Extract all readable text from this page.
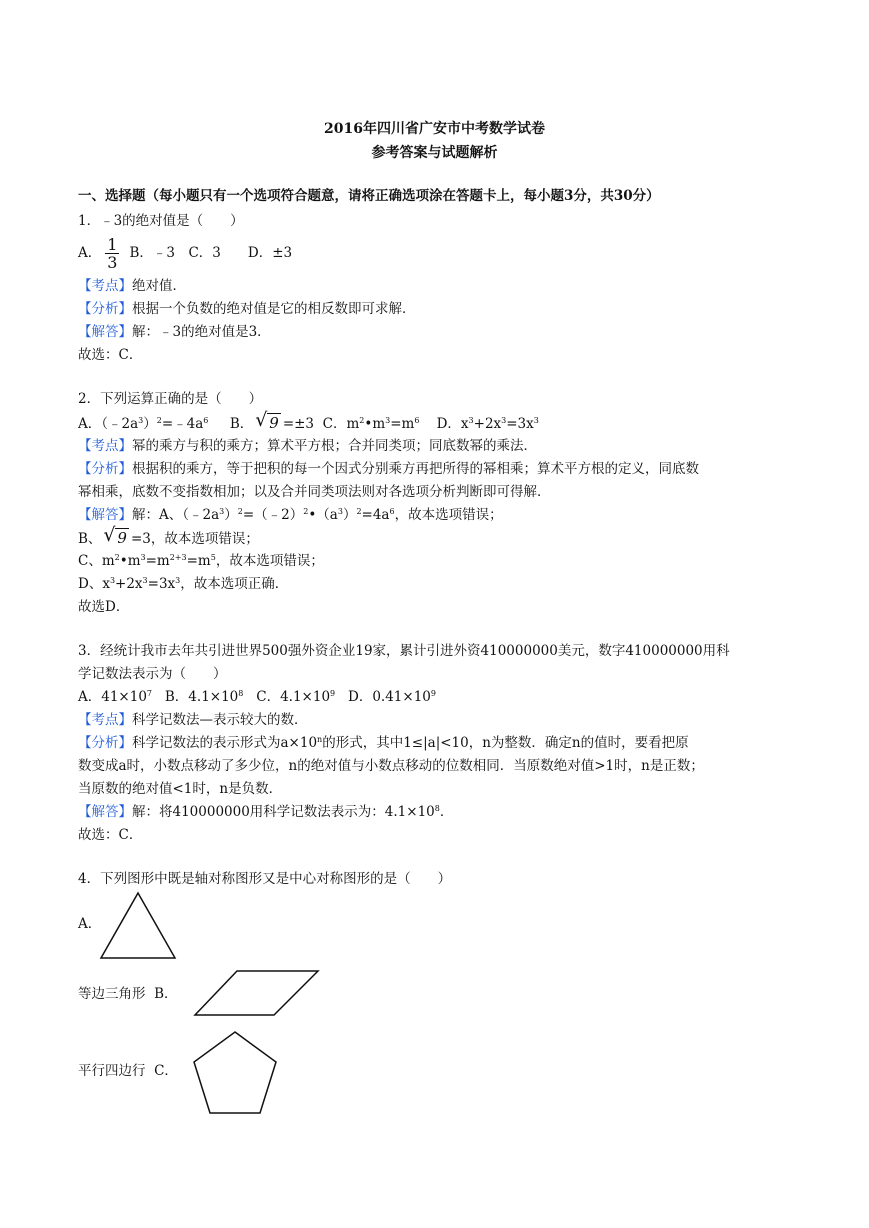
2016年四川省广安市中考数学试卷
参考答案与试题解析
一、选择题（每小题只有一个选项符合题意，请将正确选项涂在答题卡上，每小题3分，共30分）
1．﹣3的绝对值是（　　）
A． $\frac{1}{3}$ B．﹣3　C．3　　D．±3
【考点】绝对值．
【分析】根据一个负数的绝对值是它的相反数即可求解．
【解答】解：﹣3的绝对值是3．
故选：C．
2．下列运算正确的是（　　）
A．$(﹣2a^3)^2=﹣4a^6$ B． √ 9 =±3 C．$m^2•m^3=m^6$ D．$x^3+2x^3=3x^3$
【考点】幂的乘方与积的乘方；算术平方根；合并同类项；同底数幂的乘法．
【分析】根据积的乘方，等于把积的每一个因式分别乘方再把所得的幂相乘；算术平方根的定义，同底数
幂相乘，底数不变指数相加；以及合并同类项法则对各选项分析判断即可得解．
【解答】解：A、$(﹣2a^3)^2=(﹣2)^2•(a^3)^2=4a^6$，故本选项错误；
B、 √ 9 =3，故本选项错误；
C、$m^2•m^3=m^{2+3}=m^5$，故本选项错误；
D、$x^3+2x^3=3x^3$，故本选项正确．
故选D．
3．经统计我市去年共引进世界500强外资企业19家，累计引进外资410000000美元，数字410000000用科
学记数法表示为（　　）
A．$41\times 10^7$ B．$4.1\times 10^8$ C．$4.1\times 10^9$ D．$0.41\times 10^9$
【考点】科学记数法—表示较大的数．
【分析】科学记数法的表示形式为$a\times 10^n$的形式，其中1≤|a|<10，n为整数．确定n的值时，要看把原
数变成a时，小数点移动了多少位，n的绝对值与小数点移动的位数相同．当原数绝对值>1时，n是正数；
当原数的绝对值<1时，n是负数．
【解答】解：将410000000用科学记数法表示为：$4.1\times 10^8$．
故选：C．
4．下列图形中既是轴对称图形又是中心对称图形的是（　　）
A．
等边三角形 B．
平行四边行 C．
